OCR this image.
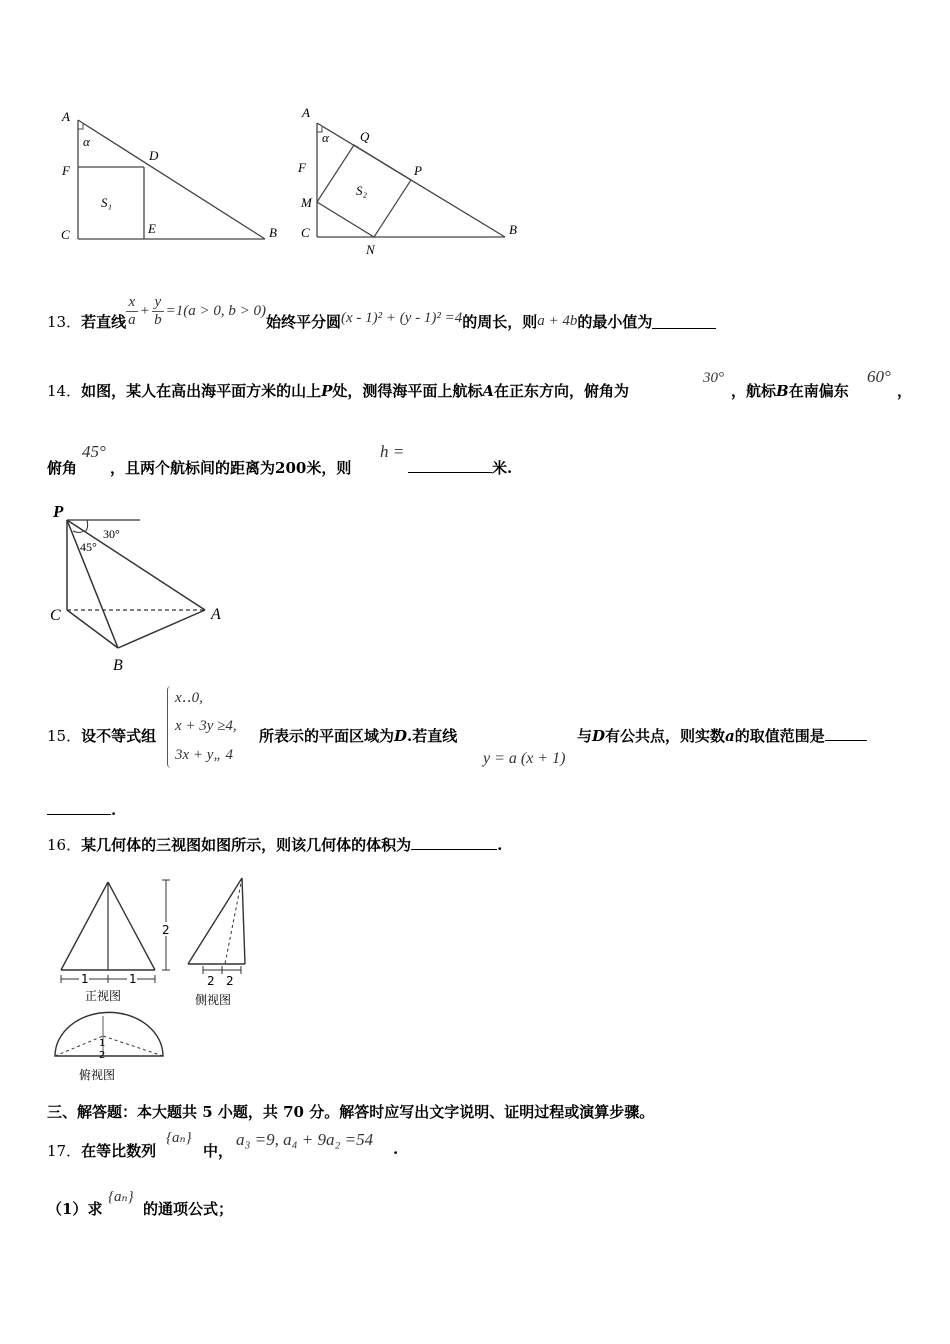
A
α
D
F
S₁
C	E	B
A
α Q
F	P
M
S₂
C
N
B
13． 若直线 $\frac{x}{a} + \frac{y}{b} =1(a > 0$, b > 0)
始终平分圆 (x - 1)² + (y - 1)² =4 的周长，则 a + 4b 的最小值为
14．如图，某人在高出海平面方米的山上P处，测得海平面上航标A在正东方向，俯角为
30°
，航标B在南偏东
60°
，
俯角
45°
，且两个航标间的距离为200米，则
h =
米.
P
30°
45°
C	A
B
15．设不等式组
x‥0,
x + 3y ≥4,
3x + y„ 4
所表示的平面区域为D.若直线
y = a (x + 1)
与D有公共点，则实数a的取值范围是
.
16．某几何体的三视图如图所示，则该几何体的体积为	.
1	1
正视图
2
2 2
侧视图
1
2
俯视图
三、解答题：本大题共 5 小题，共 70 分。解答时应写出文字说明、证明过程或演算步骤。
17．在等比数列
{aₙ}
中，
a₃ =9, a₄ + 9a₂ =54 .
（1）求
{aₙ}
的通项公式；
